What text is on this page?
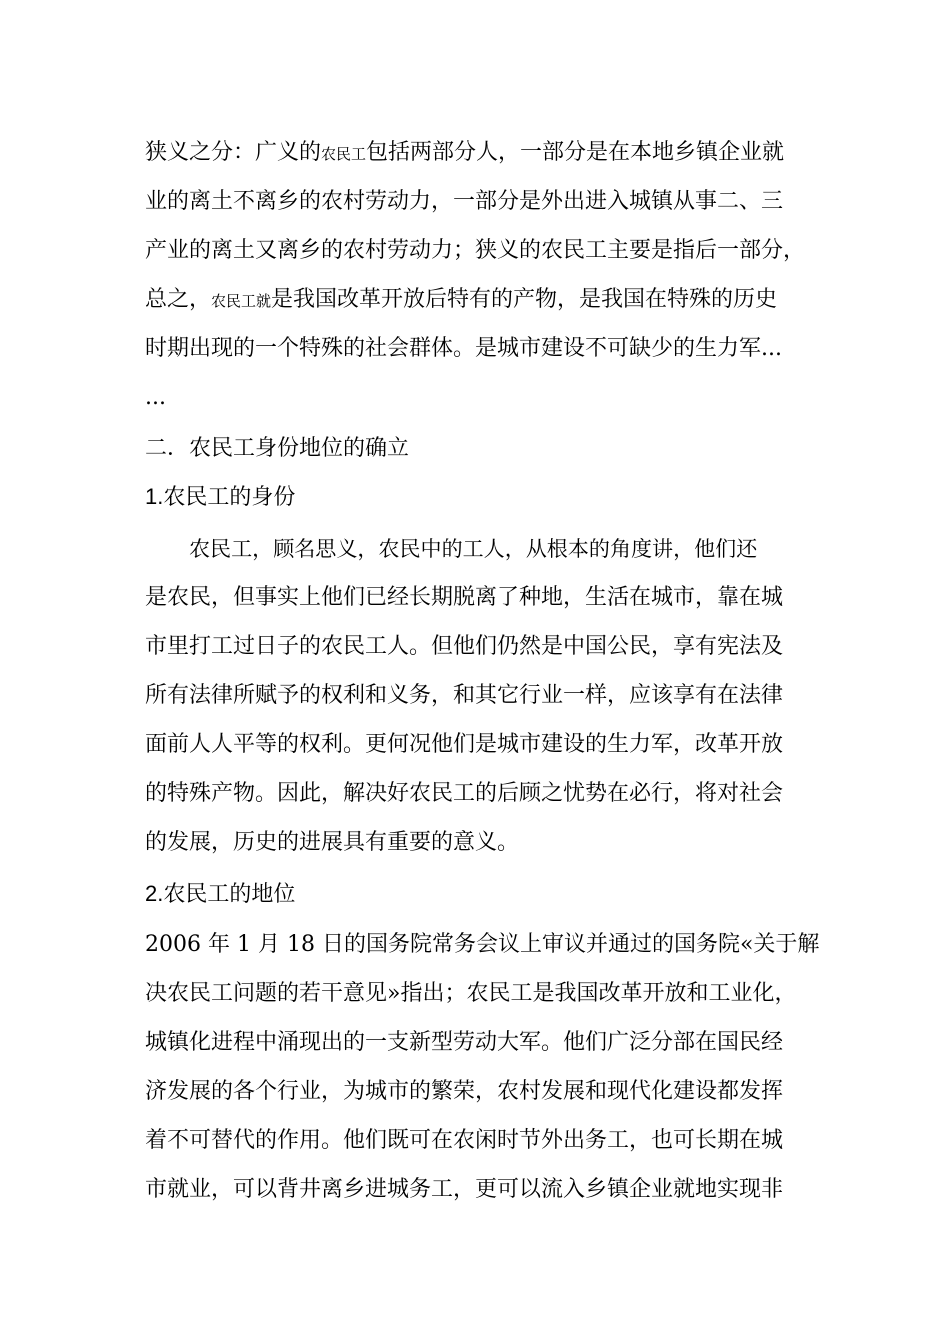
狭义之分：广义的农民工包括两部分人，一部分是在本地乡镇企业就
业的离土不离乡的农村劳动力，一部分是外出进入城镇从事二、三
产业的离土又离乡的农村劳动力；狭义的农民工主要是指后一部分，
总之，农民工就是我国改革开放后特有的产物，是我国在特殊的历史
时期出现的一个特殊的社会群体。是城市建设不可缺少的生力军...
...
二．农民工身份地位的确立
1.农民工的身份
农民工，顾名思义，农民中的工人，从根本的角度讲，他们还
是农民，但事实上他们已经长期脱离了种地，生活在城市，靠在城
市里打工过日子的农民工人。但他们仍然是中国公民，享有宪法及
所有法律所赋予的权利和义务，和其它行业一样，应该享有在法律
面前人人平等的权利。更何况他们是城市建设的生力军，改革开放
的特殊产物。因此，解决好农民工的后顾之忧势在必行，将对社会
的发展，历史的进展具有重要的意义。
2.农民工的地位
2006 年 1 月 18 日的国务院常务会议上审议并通过的国务院«关于解
决农民工问题的若干意见»指出；农民工是我国改革开放和工业化，
城镇化进程中涌现出的一支新型劳动大军。他们广泛分部在国民经
济发展的各个行业，为城市的繁荣，农村发展和现代化建设都发挥
着不可替代的作用。他们既可在农闲时节外出务工，也可长期在城
市就业，可以背井离乡进城务工，更可以流入乡镇企业就地实现非
